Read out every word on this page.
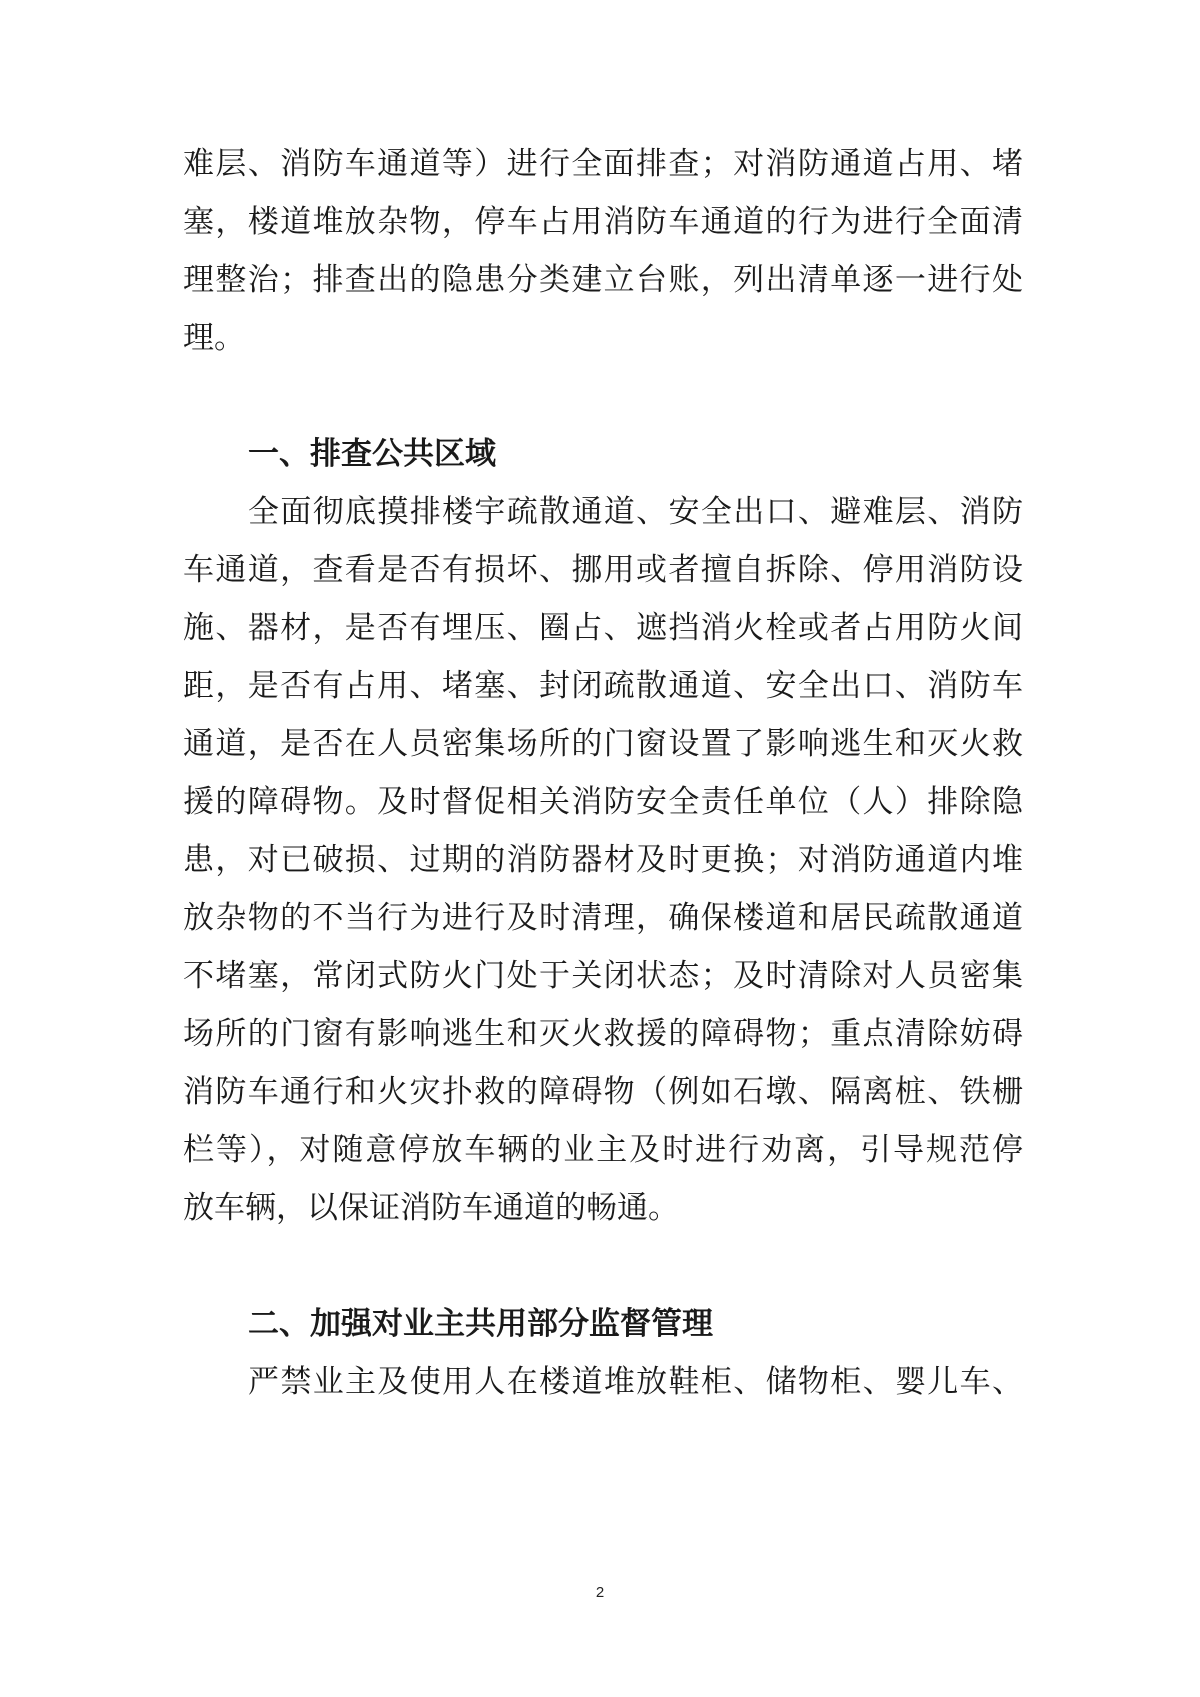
难层、消防车通道等）进行全面排查；对消防通道占用、堵
塞，楼道堆放杂物，停车占用消防车通道的行为进行全面清
理整治；排查出的隐患分类建立台账，列出清单逐一进行处
理。
一、排查公共区域
全面彻底摸排楼宇疏散通道、安全出口、避难层、消防
车通道，查看是否有损坏、挪用或者擅自拆除、停用消防设
施、器材，是否有埋压、圈占、遮挡消火栓或者占用防火间
距，是否有占用、堵塞、封闭疏散通道、安全出口、消防车
通道，是否在人员密集场所的门窗设置了影响逃生和灭火救
援的障碍物。及时督促相关消防安全责任单位（人）排除隐
患，对已破损、过期的消防器材及时更换；对消防通道内堆
放杂物的不当行为进行及时清理，确保楼道和居民疏散通道
不堵塞，常闭式防火门处于关闭状态；及时清除对人员密集
场所的门窗有影响逃生和灭火救援的障碍物；重点清除妨碍
消防车通行和火灾扑救的障碍物（例如石墩、隔离桩、铁栅
栏等），对随意停放车辆的业主及时进行劝离，引导规范停
放车辆，以保证消防车通道的畅通。
二、加强对业主共用部分监督管理
严禁业主及使用人在楼道堆放鞋柜、储物柜、婴儿车、
2
